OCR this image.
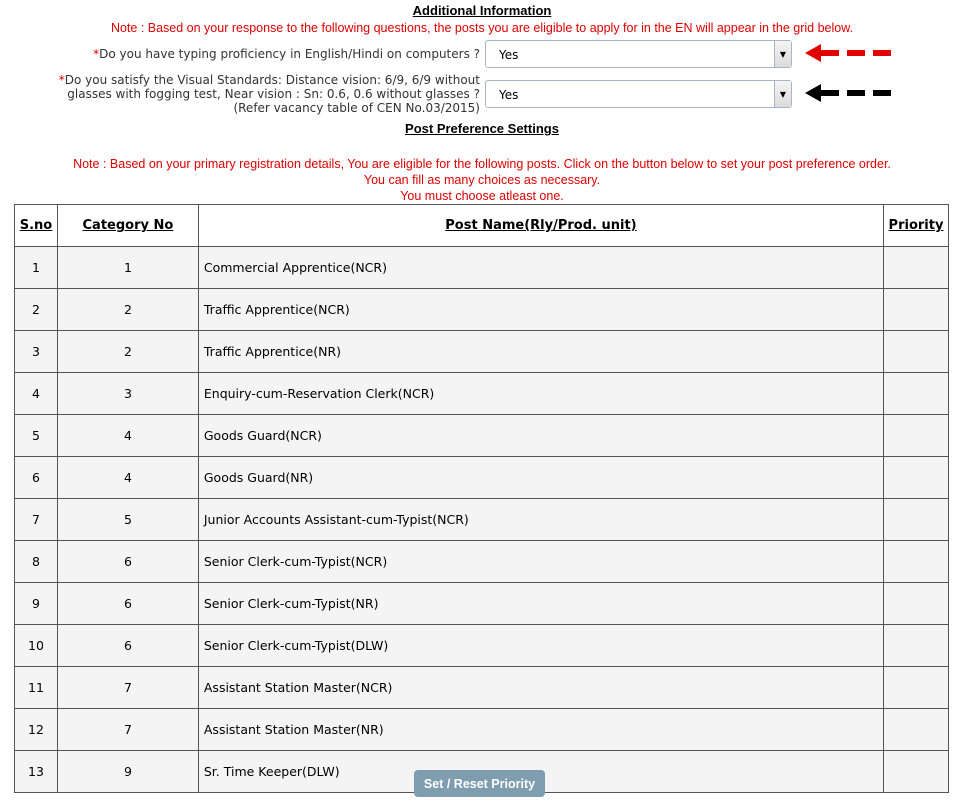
Additional Information
Note : Based on your response to the following questions, the posts you are eligible to apply for in the EN will appear in the grid below.
*Do you have typing proficiency in English/Hindi on computers ? Yes	▼
*Do you satisfy the Visual Standards: Distance vision: 6/9, 6/9 without
glasses with fogging test, Near vision : Sn: 0.6, 0.6 without glasses ?
(Refer vacancy table of CEN No.03/2015)
Yes	▼
Post Preference Settings
Note : Based on your primary registration details, You are eligible for the following posts. Click on the button below to set your post preference order.
You can fill as many choices as necessary.
You must choose atleast one.
S.no	Category No	Post Name(Rly/Prod. unit)	Priority
1	1	Commercial Apprentice(NCR)	
2	2	Traffic Apprentice(NCR)	
3	2	Traffic Apprentice(NR)	
4	3	Enquiry-cum-Reservation Clerk(NCR)	
5	4	Goods Guard(NCR)	
6	4	Goods Guard(NR)	
7	5	Junior Accounts Assistant-cum-Typist(NCR)	
8	6	Senior Clerk-cum-Typist(NCR)	
9	6	Senior Clerk-cum-Typist(NR)	
10	6	Senior Clerk-cum-Typist(DLW)	
11	7	Assistant Station Master(NCR)	
12	7	Assistant Station Master(NR)	
13	9	Sr. Time Keeper(DLW)	
Set / Reset Priority
